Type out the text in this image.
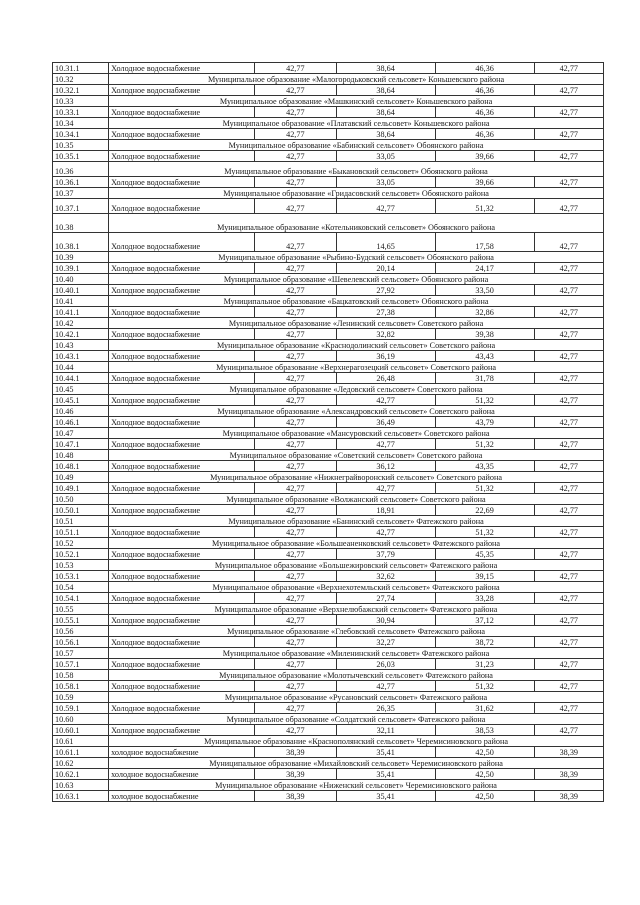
10.31.1	Холодное водоснабжение	42,77	38,64	46,36	42,77
10.32	Муниципальное образование «Малогородьковский сельсовет» Коньшевского района				
10.32.1	Холодное водоснабжение	42,77	38,64	46,36	42,77
10.33	Муниципальное образование «Машкинский сельсовет» Коньшевского района				
10.33.1	Холодное водоснабжение	42,77	38,64	46,36	42,77
10.34	Муниципальное образование «Платавский сельсовет» Коньшевского района				
10.34.1	Холодное водоснабжение	42,77	38,64	46,36	42,77
10.35	Муниципальное образование «Бабинский сельсовет» Обоянского района				
10.35.1	Холодное водоснабжение	42,77	33,05	39,66	42,77
10.36	Муниципальное образование «Быкановский сельсовет» Обоянского района				
10.36.1	Холодное водоснабжение	42,77	33,05	39,66	42,77
10.37	Муниципальное образование «Гридасовский сельсовет» Обоянского района				
10.37.1	Холодное водоснабжение	42,77	42,77	51,32	42,77
10.38	Муниципальное образование «Котельниковский сельсовет» Обоянского района				
10.38.1	Холодное водоснабжение	42,77	14,65	17,58	42,77
10.39	Муниципальное образование «Рыбино-Будский сельсовет» Обоянского района				
10.39.1	Холодное водоснабжение	42,77	20,14	24,17	42,77
10.40	Муниципальное образование «Шевелевский сельсовет» Обоянского района				
10.40.1	Холодное водоснабжение	42,77	27,92	33,50	42,77
10.41	Муниципальное образование «Бацкатовский сельсовет» Обоянского района				
10.41.1	Холодное водоснабжение	42,77	27,38	32,86	42,77
10.42	Муниципальное образование «Ленинский сельсовет» Советского района				
10.42.1	Холодное водоснабжение	42,77	32,82	39,38	42,77
10.43	Муниципальное образование «Краснодолинский сельсовет» Советского района				
10.43.1	Холодное водоснабжение	42,77	36,19	43,43	42,77
10.44	Муниципальное образование «Верхнерагозецкий сельсовет» Советского района				
10.44.1	Холодное водоснабжение	42,77	26,48	31,78	42,77
10.45	Муниципальное образование «Ледовский сельсовет» Советского района				
10.45.1	Холодное водоснабжение	42,77	42,77	51,32	42,77
10.46	Муниципальное образование «Александровский сельсовет» Советского района				
10.46.1	Холодное водоснабжение	42,77	36,49	43,79	42,77
10.47	Муниципальное образование «Мансуровский сельсовет» Советского района				
10.47.1	Холодное водоснабжение	42,77	42,77	51,32	42,77
10.48	Муниципальное образование «Советский сельсовет» Советского района				
10.48.1	Холодное водоснабжение	42,77	36,12	43,35	42,77
10.49	Муниципальное образование «Нижнеграйворонский сельсовет» Советского района				
10.49.1	Холодное водоснабжение	42,77	42,77	51,32	42,77
10.50	Муниципальное образование «Волжанский сельсовет» Советского района				
10.50.1	Холодное водоснабжение	42,77	18,91	22,69	42,77
10.51	Муниципальное образование «Банинский сельсовет» Фатежского района				
10.51.1	Холодное водоснабжение	42,77	42,77	51,32	42,77
10.52	Муниципальное образование «Большеаненковский сельсовет» Фатежского района				
10.52.1	Холодное водоснабжение	42,77	37,79	45,35	42,77
10.53	Муниципальное образование «Большежировский сельсовет» Фатежского района				
10.53.1	Холодное водоснабжение	42,77	32,62	39,15	42,77
10.54	Муниципальное образование «Верхнехотемльский сельсовет» Фатежского района				
10.54.1	Холодное водоснабжение	42,77	27,74	33,28	42,77
10.55	Муниципальное образование «Верхнелюбажский сельсовет» Фатежского района				
10.55.1	Холодное водоснабжение	42,77	30,94	37,12	42,77
10.56	Муниципальное образование «Глебовский сельсовет» Фатежского района				
10.56.1	Холодное водоснабжение	42,77	32,27	38,72	42,77
10.57	Муниципальное образование «Миленинский сельсовет» Фатежского района				
10.57.1	Холодное водоснабжение	42,77	26,03	31,23	42,77
10.58	Муниципальное образование «Молотычевский сельсовет» Фатежского района				
10.58.1	Холодное водоснабжение	42,77	42,77	51,32	42,77
10.59	Муниципальное образование «Русановский сельсовет» Фатежского района				
10.59.1	Холодное водоснабжение	42,77	26,35	31,62	42,77
10.60	Муниципальное образование «Солдатский сельсовет» Фатежского района				
10.60.1	Холодное водоснабжение	42,77	32,11	38,53	42,77
10.61	Муниципальное образование «Краснополянский сельсовет» Черемисиновского района				
10.61.1	холодное водоснабжение	38,39	35,41	42,50	38,39
10.62	Муниципальное образование «Михайловский сельсовет» Черемисиновского района				
10.62.1	холодное водоснабжение	38,39	35,41	42,50	38,39
10.63	Муниципальное образование «Ниженский сельсовет» Черемисиновского района				
10.63.1	холодное водоснабжение	38,39	35,41	42,50	38,39
